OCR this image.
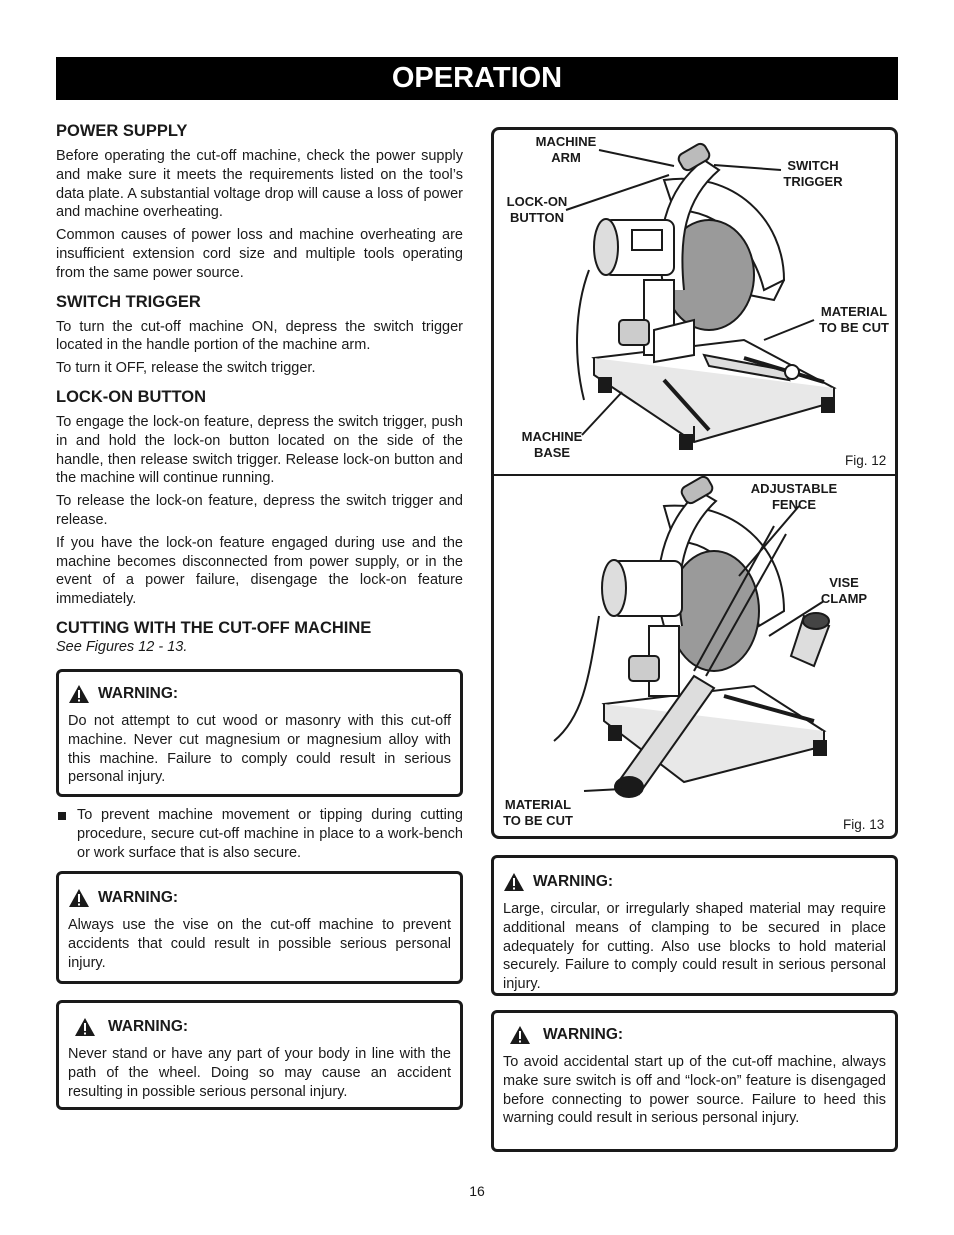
OPERATION
POWER SUPPLY
Before operating the cut-off machine, check the power supply and make sure it meets the requirements listed on the tool’s data plate. A substantial voltage drop will cause a loss of power and machine overheating.
Common causes of power loss and machine overheating are insufficient extension cord size and multiple tools operating from the same power source.
SWITCH TRIGGER
To turn the cut-off machine ON, depress the switch trigger located in the handle portion of the machine arm.
To turn it OFF, release the switch trigger.
LOCK-ON BUTTON
To engage the lock-on feature, depress the switch trigger, push in and hold the lock-on button located on the side of the handle, then release switch trigger. Release lock-on button and the machine will continue running.
To release the lock-on feature, depress the switch trigger and release.
If you have the lock-on feature engaged during use and the machine becomes disconnected from power supply, or in the event of a power failure, disengage the lock-on feature immediately.
CUTTING WITH THE CUT-OFF MACHINE
See Figures 12 - 13.
WARNING:
Do not attempt to cut wood or masonry with this cut-off machine. Never cut magnesium or magnesium alloy with this machine. Failure to comply could result in serious personal injury.
To prevent machine movement or tipping during cutting procedure, secure cut-off machine in place to a work-bench or work surface that is also secure.
WARNING:
Always use the vise on the cut-off machine to prevent accidents that could result in possible serious personal injury.
WARNING:
Never stand or have any part of your body in line with the path of the wheel. Doing so may cause an accident resulting in possible serious personal injury.
MACHINE
ARM
LOCK-ON
BUTTON
SWITCH
TRIGGER
MATERIAL
TO BE CUT
MACHINE
BASE
Fig. 12
ADJUSTABLE
FENCE
VISE
CLAMP
MATERIAL
TO BE CUT	Fig. 13
WARNING:
Large, circular, or irregularly shaped material may require additional means of clamping to be secured in place adequately for cutting. Also use blocks to hold material securely. Failure to comply could result in serious personal injury.
WARNING:
To avoid accidental start up of the cut-off machine, always make sure switch is off and “lock-on” feature is disengaged before connecting to power source. Failure to heed this warning could result in serious personal injury.
16
